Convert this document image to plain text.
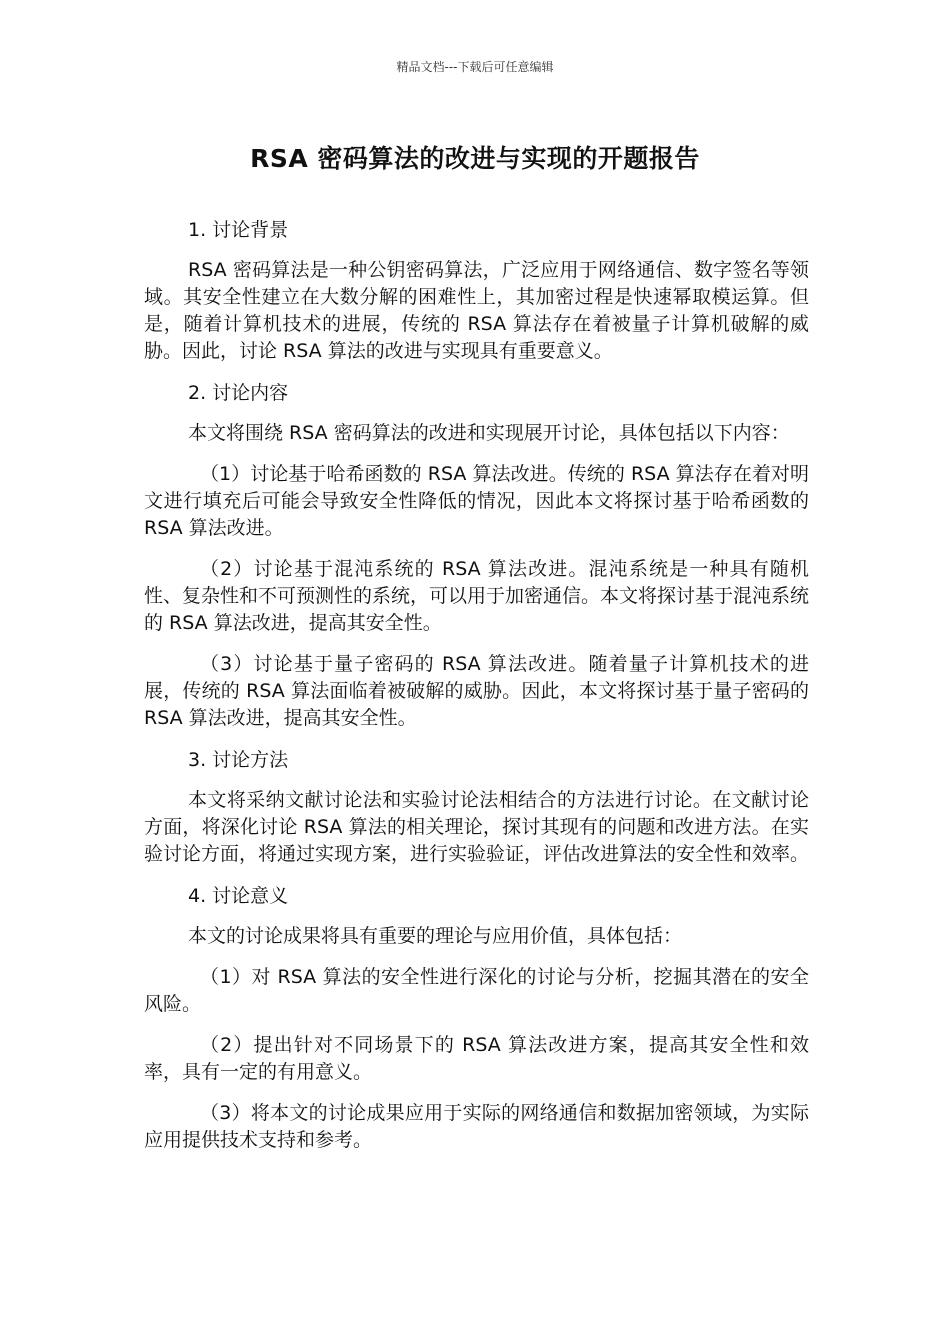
精品文档---下载后可任意编辑
RSA 密码算法的改进与实现的开题报告
1. 讨论背景
RSA 密码算法是一种公钥密码算法，广泛应用于网络通信、数字签名等领域。其安全性建立在大数分解的困难性上，其加密过程是快速幂取模运算。但是，随着计算机技术的进展，传统的 RSA 算法存在着被量子计算机破解的威胁。因此，讨论 RSA 算法的改进与实现具有重要意义。
2. 讨论内容
本文将围绕 RSA 密码算法的改进和实现展开讨论，具体包括以下内容：
（1）讨论基于哈希函数的 RSA 算法改进。传统的 RSA 算法存在着对明文进行填充后可能会导致安全性降低的情况，因此本文将探讨基于哈希函数的 RSA 算法改进。
（2）讨论基于混沌系统的 RSA 算法改进。混沌系统是一种具有随机性、复杂性和不可预测性的系统，可以用于加密通信。本文将探讨基于混沌系统的 RSA 算法改进，提高其安全性。
（3）讨论基于量子密码的 RSA 算法改进。随着量子计算机技术的进展，传统的 RSA 算法面临着被破解的威胁。因此，本文将探讨基于量子密码的 RSA 算法改进，提高其安全性。
3. 讨论方法
本文将采纳文献讨论法和实验讨论法相结合的方法进行讨论。在文献讨论方面，将深化讨论 RSA 算法的相关理论，探讨其现有的问题和改进方法。在实验讨论方面，将通过实现方案，进行实验验证，评估改进算法的安全性和效率。
4. 讨论意义
本文的讨论成果将具有重要的理论与应用价值，具体包括：
（1）对 RSA 算法的安全性进行深化的讨论与分析，挖掘其潜在的安全风险。
（2）提出针对不同场景下的 RSA 算法改进方案，提高其安全性和效率，具有一定的有用意义。
（3）将本文的讨论成果应用于实际的网络通信和数据加密领域，为实际应用提供技术支持和参考。
